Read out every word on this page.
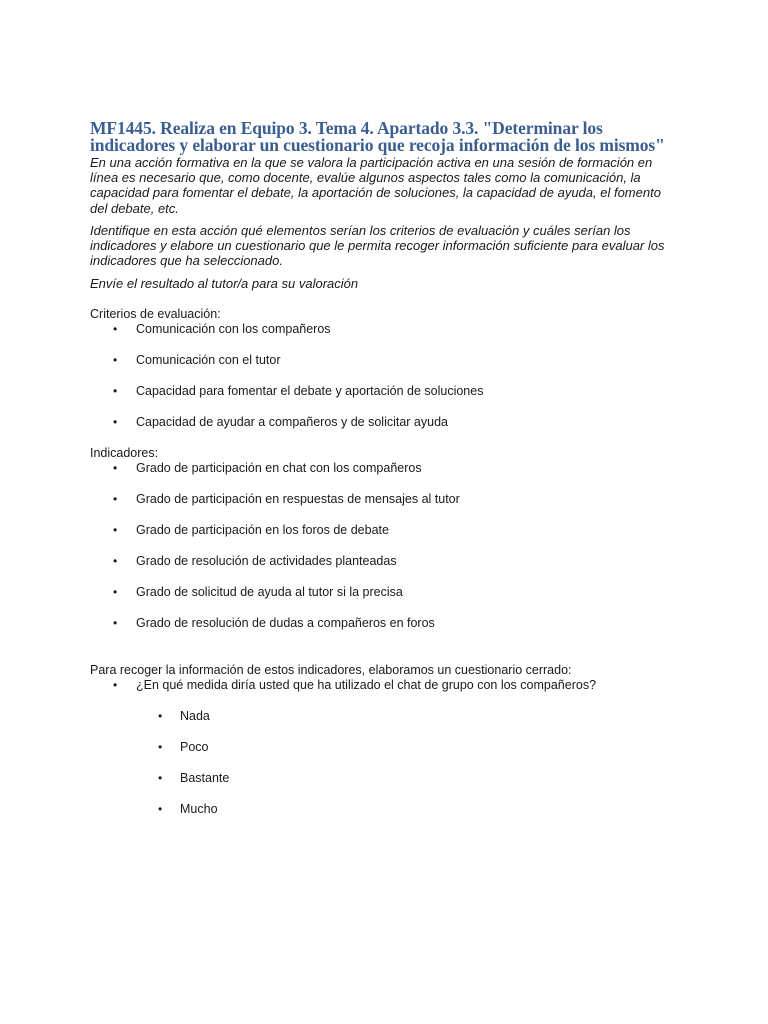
MF1445. Realiza en Equipo 3. Tema 4. Apartado 3.3. "Determinar los indicadores y elaborar un cuestionario que recoja información de los mismos"

En una acción formativa en la que se valora la participación activa en una sesión de formación en línea es necesario que, como docente, evalúe algunos aspectos tales como la comunicación, la capacidad para fomentar el debate, la aportación de soluciones, la capacidad de ayuda, el fomento del debate, etc.

Identifique en esta acción qué elementos serían los criterios de evaluación y cuáles serían los indicadores y elabore un cuestionario que le permita recoger información suficiente para evaluar los indicadores que ha seleccionado.

Envíe el resultado al tutor/a para su valoración

Criterios de evaluación:

• Comunicación con los compañeros
• Comunicación con el tutor
• Capacidad para fomentar el debate y aportación de soluciones
• Capacidad de ayudar a compañeros y de solicitar ayuda

Indicadores:

• Grado de participación en chat con los compañeros
• Grado de participación en respuestas de mensajes al tutor
• Grado de participación en los foros de debate
• Grado de resolución de actividades planteadas
• Grado de solicitud de ayuda al tutor si la precisa
• Grado de resolución de dudas a compañeros en foros

Para recoger la información de estos indicadores, elaboramos un cuestionario cerrado:

• ¿En qué medida diría usted que ha utilizado el chat de grupo con los compañeros?
• Nada
• Poco
• Bastante
• Mucho
